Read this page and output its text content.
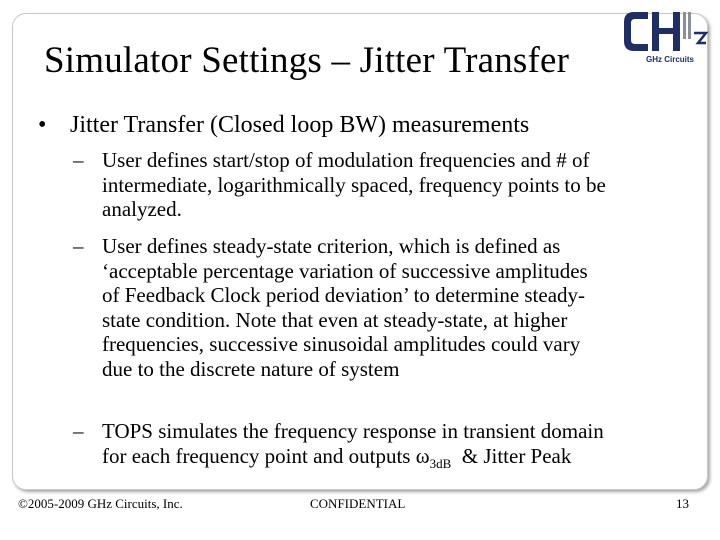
Simulator Settings – Jitter Transfer	GHz Circuits
• Jitter Transfer (Closed loop BW) measurements
– User defines start/stop of modulation frequencies and # of
intermediate, logarithmically spaced, frequency points to be
analyzed.
– User defines steady-state criterion, which is defined as
‘acceptable percentage variation of successive amplitudes
of Feedback Clock period deviation’ to determine steady-
state condition. Note that even at steady-state, at higher
frequencies, successive sinusoidal amplitudes could vary
due to the discrete nature of system
– TOPS simulates the frequency response in transient domain
for each frequency point and outputs $\omega_{3dB}$  & Jitter Peak
©2005-2009 GHz Circuits, Inc.	CONFIDENTIAL	13
